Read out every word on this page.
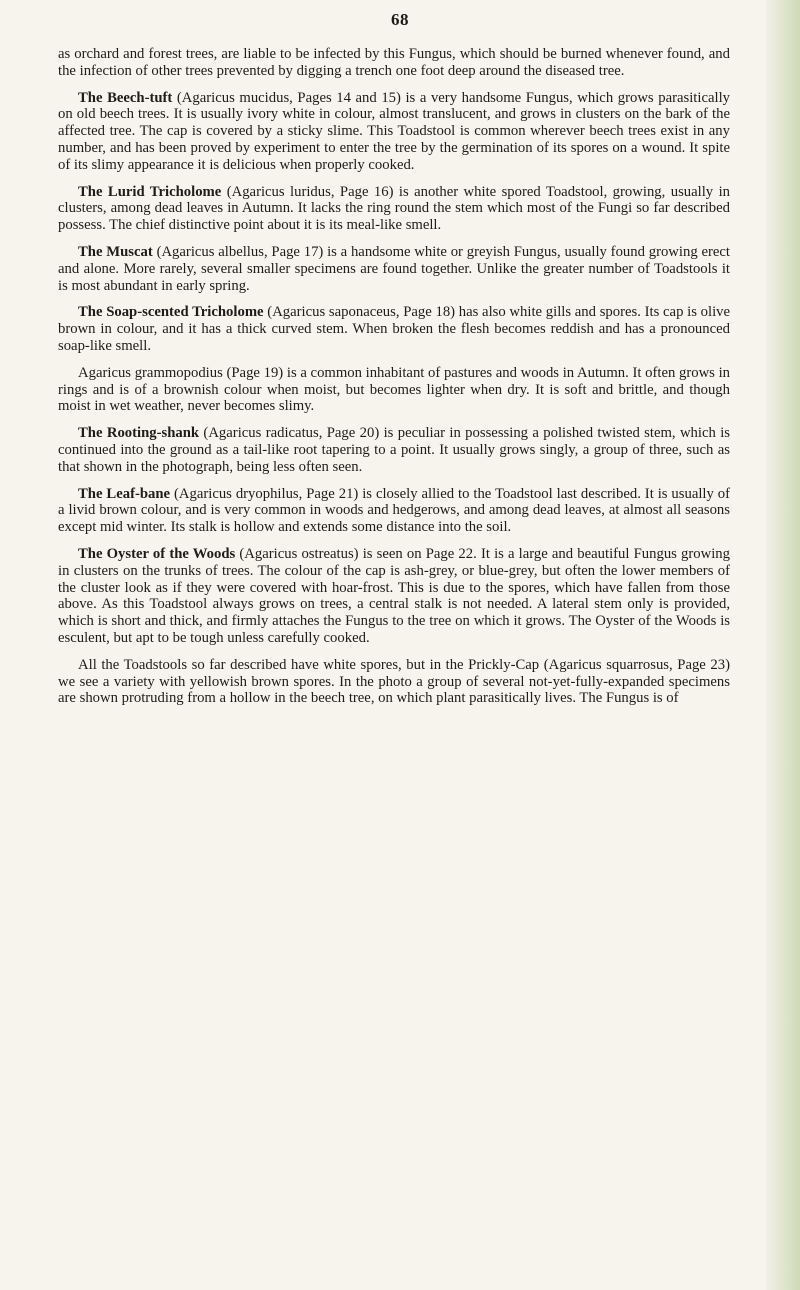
68

as orchard and forest trees, are liable to be infected by this Fungus, which should be burned whenever found, and the infection of other trees prevented by digging a trench one foot deep around the diseased tree.

The Beech-tuft (Agaricus mucidus, Pages 14 and 15) is a very handsome Fungus, which grows parasitically on old beech trees. It is usually ivory white in colour, almost translucent, and grows in clusters on the bark of the affected tree. The cap is covered by a sticky slime. This Toadstool is common wherever beech trees exist in any number, and has been proved by experiment to enter the tree by the germination of its spores on a wound. It spite of its slimy appearance it is delicious when properly cooked.

The Lurid Tricholome (Agaricus luridus, Page 16) is another white spored Toadstool, growing, usually in clusters, among dead leaves in Autumn. It lacks the ring round the stem which most of the Fungi so far described possess. The chief distinctive point about it is its meal-like smell.

The Muscat (Agaricus albellus, Page 17) is a handsome white or greyish Fungus, usually found growing erect and alone. More rarely, several smaller specimens are found together. Unlike the greater number of Toadstools it is most abundant in early spring.

The Soap-scented Tricholome (Agaricus saponaceus, Page 18) has also white gills and spores. Its cap is olive brown in colour, and it has a thick curved stem. When broken the flesh becomes reddish and has a pronounced soap-like smell.

Agaricus grammopodius (Page 19) is a common inhabitant of pastures and woods in Autumn. It often grows in rings and is of a brownish colour when moist, but becomes lighter when dry. It is soft and brittle, and though moist in wet weather, never becomes slimy.

The Rooting-shank (Agaricus radicatus, Page 20) is peculiar in possessing a polished twisted stem, which is continued into the ground as a tail-like root tapering to a point. It usually grows singly, a group of three, such as that shown in the photograph, being less often seen.

The Leaf-bane (Agaricus dryophilus, Page 21) is closely allied to the Toadstool last described. It is usually of a livid brown colour, and is very common in woods and hedgerows, and among dead leaves, at almost all seasons except mid winter. Its stalk is hollow and extends some distance into the soil.

The Oyster of the Woods (Agaricus ostreatus) is seen on Page 22. It is a large and beautiful Fungus growing in clusters on the trunks of trees. The colour of the cap is ash-grey, or blue-grey, but often the lower members of the cluster look as if they were covered with hoar-frost. This is due to the spores, which have fallen from those above. As this Toadstool always grows on trees, a central stalk is not needed. A lateral stem only is provided, which is short and thick, and firmly attaches the Fungus to the tree on which it grows. The Oyster of the Woods is esculent, but apt to be tough unless carefully cooked.

All the Toadstools so far described have white spores, but in the Prickly-Cap (Agaricus squarrosus, Page 23) we see a variety with yellowish brown spores. In the photo a group of several not-yet-fully-expanded specimens are shown protruding from a hollow in the beech tree, on which plant parasitically lives. The Fungus is of
